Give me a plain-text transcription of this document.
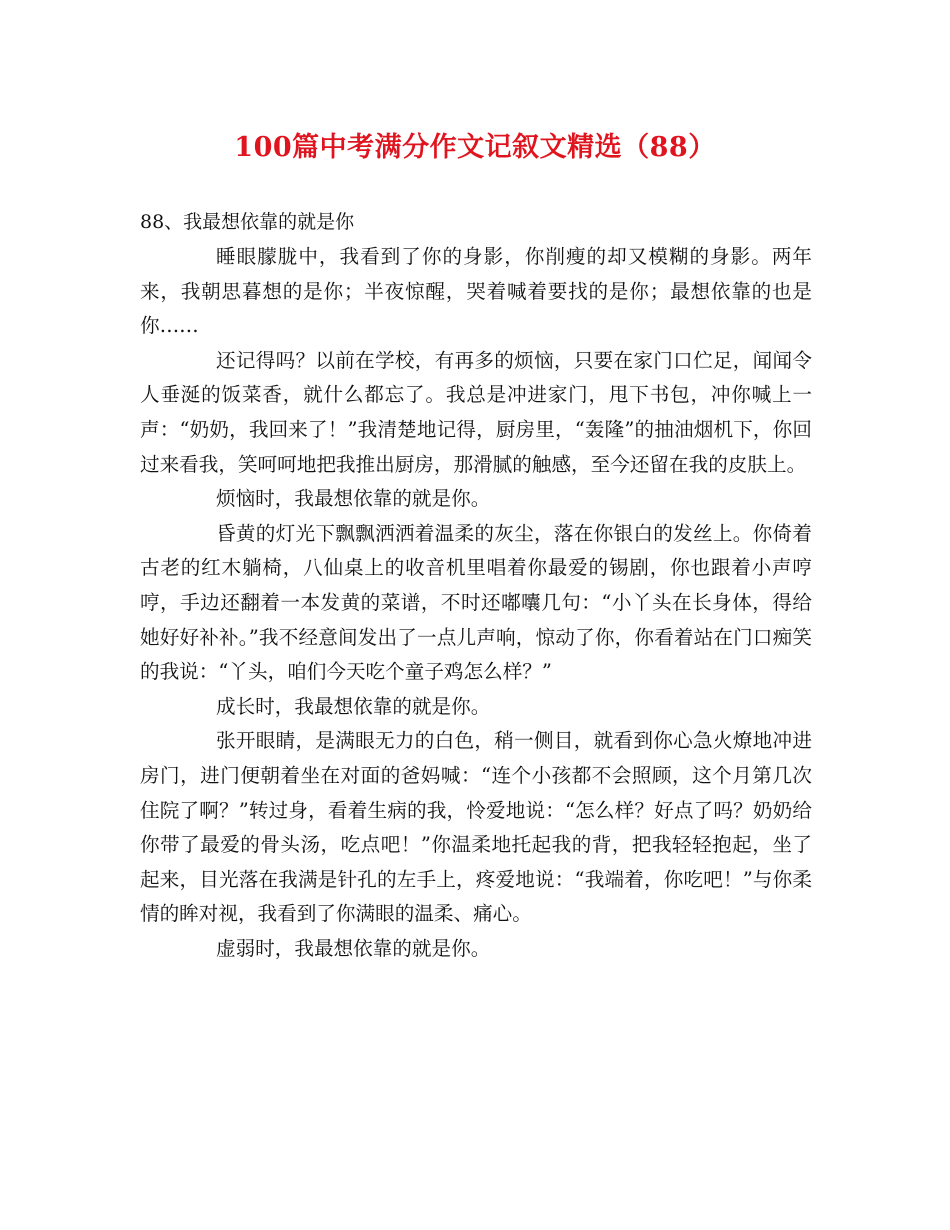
100篇中考满分作文记叙文精选（88）

88、我最想依靠的就是你

睡眼朦胧中，我看到了你的身影，你削瘦的却又模糊的身影。两年来，我朝思暮想的是你；半夜惊醒，哭着喊着要找的是你；最想依靠的也是你……

还记得吗？以前在学校，有再多的烦恼，只要在家门口伫足，闻闻令人垂涎的饭菜香，就什么都忘了。我总是冲进家门，甩下书包，冲你喊上一声：“奶奶，我回来了！”我清楚地记得，厨房里，“轰隆”的抽油烟机下，你回过来看我，笑呵呵地把我推出厨房，那滑腻的触感，至今还留在我的皮肤上。

烦恼时，我最想依靠的就是你。

昏黄的灯光下飘飘洒洒着温柔的灰尘，落在你银白的发丝上。你倚着古老的红木躺椅，八仙桌上的收音机里唱着你最爱的锡剧，你也跟着小声哼哼，手边还翻着一本发黄的菜谱，不时还嘟囔几句：“小丫头在长身体，得给她好好补补。”我不经意间发出了一点儿声响，惊动了你，你看着站在门口痴笑的我说：“丫头，咱们今天吃个童子鸡怎么样？”

成长时，我最想依靠的就是你。

张开眼睛，是满眼无力的白色，稍一侧目，就看到你心急火燎地冲进房门，进门便朝着坐在对面的爸妈喊：“连个小孩都不会照顾，这个月第几次住院了啊？”转过身，看着生病的我，怜爱地说：“怎么样？好点了吗？奶奶给你带了最爱的骨头汤，吃点吧！”你温柔地托起我的背，把我轻轻抱起，坐了起来，目光落在我满是针孔的左手上，疼爱地说：“我端着，你吃吧！”与你柔情的眸对视，我看到了你满眼的温柔、痛心。

虚弱时，我最想依靠的就是你。
